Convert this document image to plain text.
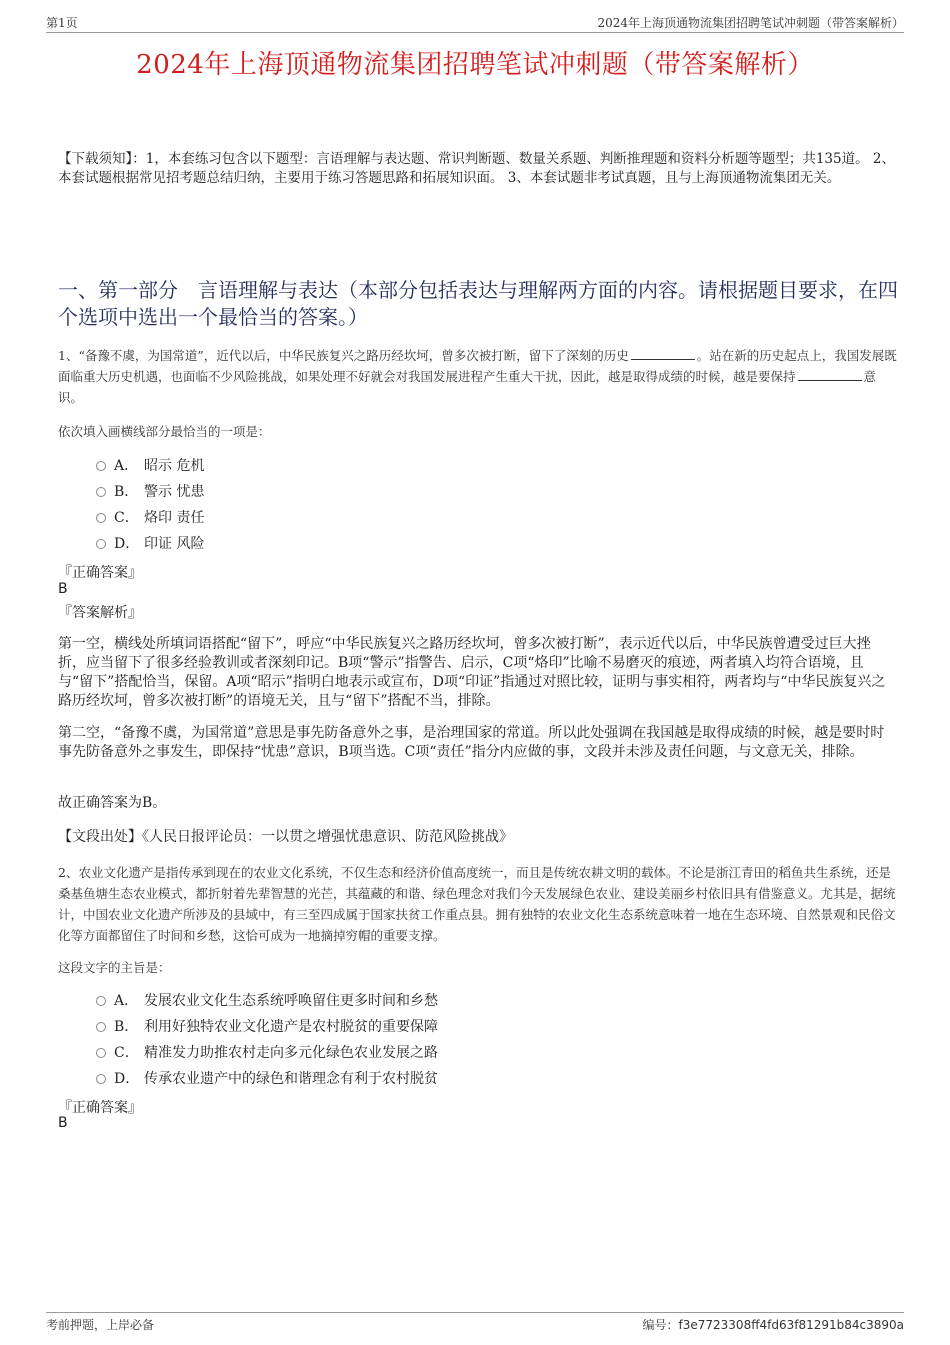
第1页	2024年上海顶通物流集团招聘笔试冲刺题（带答案解析）
2024年上海顶通物流集团招聘笔试冲刺题（带答案解析）
【下载须知】：1，本套练习包含以下题型：言语理解与表达题、常识判断题、数量关系题、判断推理题和资料分析题等题型；共135道。 2、本套试题根据常见招考题总结归纳，主要用于练习答题思路和拓展知识面。 3、本套试题非考试真题，且与上海顶通物流集团无关。
一、第一部分　言语理解与表达（本部分包括表达与理解两方面的内容。请根据题目要求，在四个选项中选出一个最恰当的答案。）
1、“备豫不虞，为国常道”，近代以后，中华民族复兴之路历经坎坷，曾多次被打断，留下了深刻的历史	。站在新的历史起点上，我国发展既面临重大历史机遇，也面临不少风险挑战，如果处理不好就会对我国发展进程产生重大干扰，因此，越是取得成绩的时候，越是要保持	意识。
依次填入画横线部分最恰当的一项是：
A． 昭示 危机
B． 警示 忧患
C． 烙印 责任
D． 印证 风险
『正确答案』
B
『答案解析』
第一空，横线处所填词语搭配“留下”，呼应“中华民族复兴之路历经坎坷，曾多次被打断”，表示近代以后，中华民族曾遭受过巨大挫折，应当留下了很多经验教训或者深刻印记。B项“警示”指警告、启示，C项“烙印”比喻不易磨灭的痕迹，两者填入均符合语境，且与“留下”搭配恰当，保留。A项“昭示”指明白地表示或宣布，D项“印证”指通过对照比较，证明与事实相符，两者均与“中华民族复兴之路历经坎坷，曾多次被打断”的语境无关，且与“留下”搭配不当，排除。
第二空，“备豫不虞，为国常道”意思是事先防备意外之事，是治理国家的常道。所以此处强调在我国越是取得成绩的时候，越是要时时事先防备意外之事发生，即保持“忧患”意识，B项当选。C项“责任”指分内应做的事，文段并未涉及责任问题，与文意无关，排除。
故正确答案为B。
【文段出处】《人民日报评论员：一以贯之增强忧患意识、防范风险挑战》
2、农业文化遗产是指传承到现在的农业文化系统，不仅生态和经济价值高度统一，而且是传统农耕文明的载体。不论是浙江青田的稻鱼共生系统，还是桑基鱼塘生态农业模式，都折射着先辈智慧的光芒，其蕴藏的和谐、绿色理念对我们今天发展绿色农业、建设美丽乡村依旧具有借鉴意义。尤其是，据统计，中国农业文化遗产所涉及的县域中，有三至四成属于国家扶贫工作重点县。拥有独特的农业文化生态系统意味着一地在生态环境、自然景观和民俗文化等方面都留住了时间和乡愁，这恰可成为一地摘掉穷帽的重要支撑。
这段文字的主旨是：
A． 发展农业文化生态系统呼唤留住更多时间和乡愁
B． 利用好独特农业文化遗产是农村脱贫的重要保障
C． 精准发力助推农村走向多元化绿色农业发展之路
D． 传承农业遗产中的绿色和谐理念有利于农村脱贫
『正确答案』
B
考前押题，上岸必备	编号：f3e7723308ff4fd63f81291b84c3890a
